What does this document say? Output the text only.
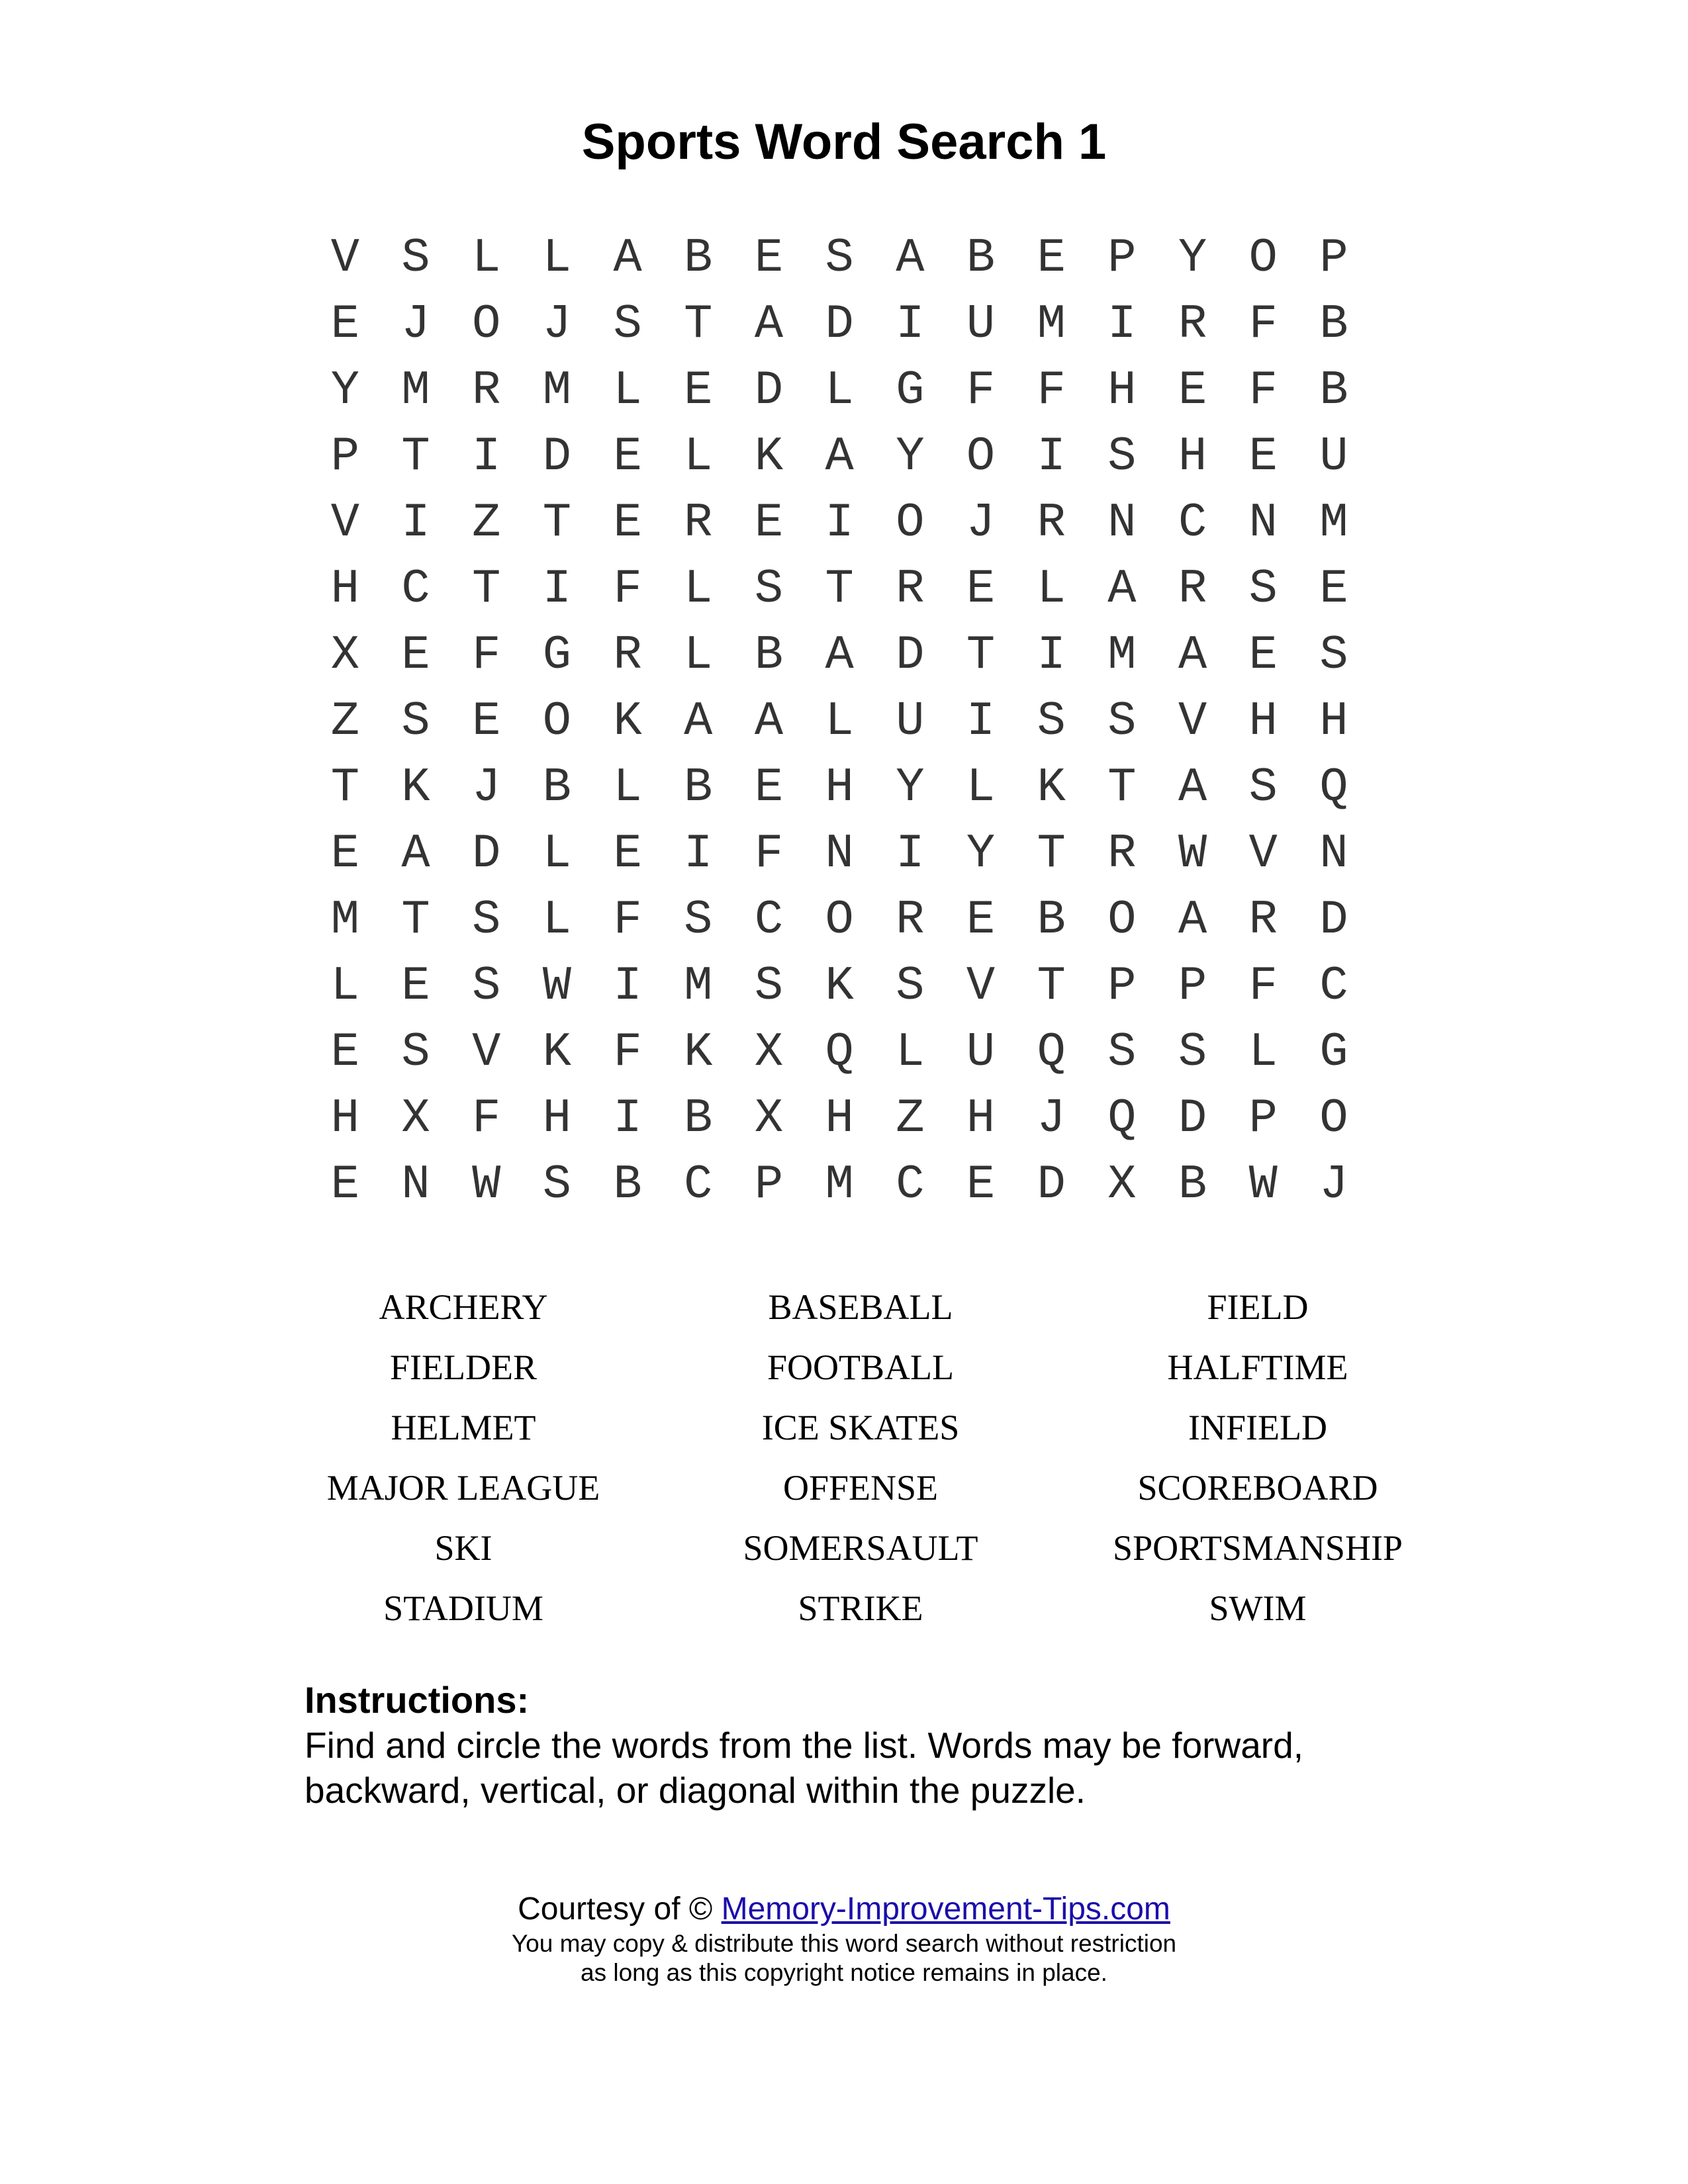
Sports Word Search 1
V S L L A B E S A B E P Y O P
E J O J S T A D I U M I R F B
Y M R M L E D L G F F H E F B
P T I D E L K A Y O I S H E U
V I Z T E R E I O J R N C N M
H C T I F L S T R E L A R S E
X E F G R L B A D T I M A E S
Z S E O K A A L U I S S V H H
T K J B L B E H Y L K T A S Q
E A D L E I F N I Y T R W V N
M T S L F S C O R E B O A R D
L E S W I M S K S V T P P F C
E S V K F K X Q L U Q S S L G
H X F H I B X H Z H J Q D P O
E N W S B C P M C E D X B W J
ARCHERY	BASEBALL	FIELD
FIELDER	FOOTBALL	HALFTIME
HELMET	ICE SKATES	INFIELD
MAJOR LEAGUE	OFFENSE	SCOREBOARD
SKI	SOMERSAULT	SPORTSMANSHIP
STADIUM	STRIKE	SWIM
Instructions:
Find and circle the words from the list. Words may be forward,
backward, vertical, or diagonal within the puzzle.
Courtesy of © Memory-Improvement-Tips.com
You may copy & distribute this word search without restriction
as long as this copyright notice remains in place.
